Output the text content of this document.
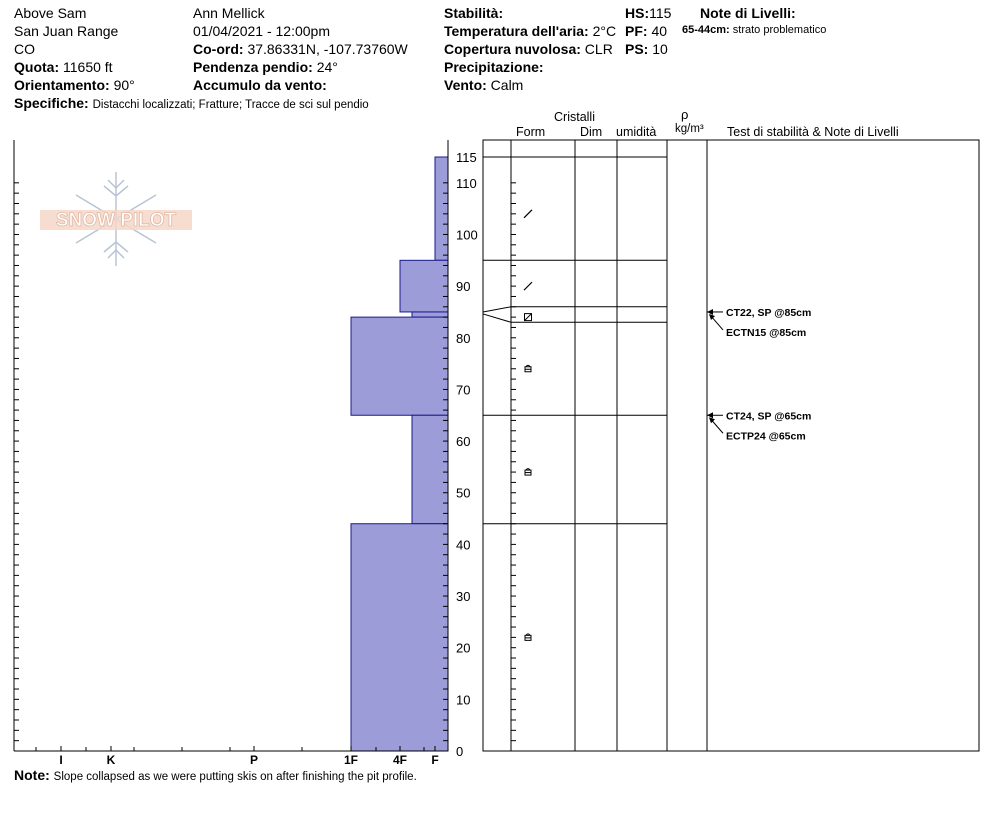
Above Sam
San Juan Range
CO
Quota: 11650 ft
Orientamento: 90°
Specifiche: Distacchi localizzati; Fratture; Tracce de sci sul pendio
Ann Mellick
01/04/2021 - 12:00pm
Co-ord: 37.86331N, -107.73760W
Pendenza pendio: 24°
Accumulo da vento:
Stabilità:
Temperatura dell'aria: 2°C
Copertura nuvolosa: CLR
Precipitazione:
Vento: Calm
HS:115
PF: 40
PS: 10
Note di Livelli:
65-44cm: strato problematico
Cristalli
Form	Dim umidità
ρ
kg/m³ Test di stabilità & Note di Livelli
SNOW PILOT
0
10
20
30
40
50
60
70
80
90
100
110
115
I	K	P	1F	4F F
CT22, SP @85cm
ECTN15 @85cm
CT24, SP @65cm
ECTP24 @65cm
Note: Slope collapsed as we were putting skis on after finishing the pit profile.
